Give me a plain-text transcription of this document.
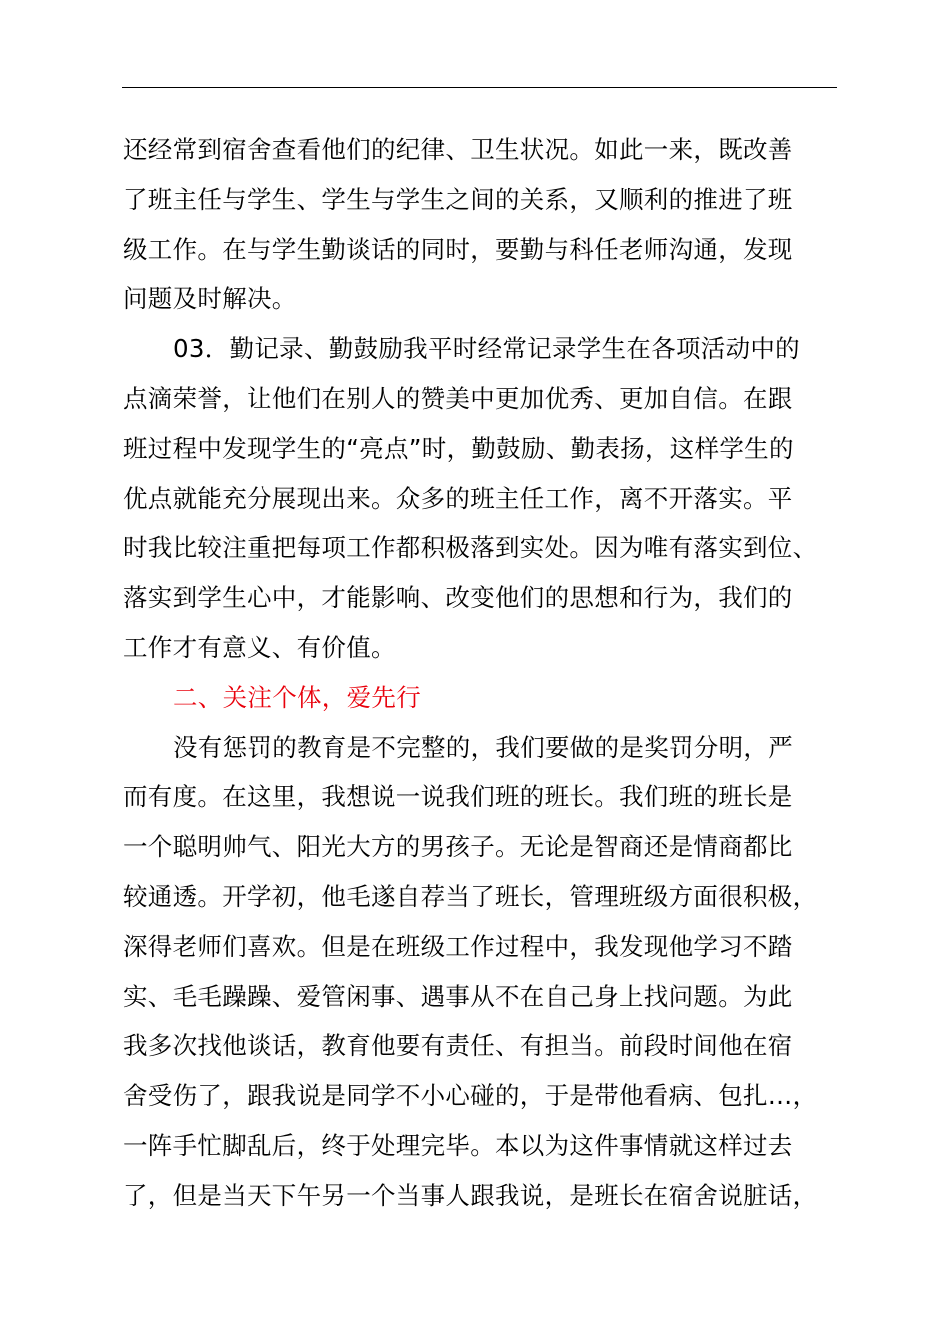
还经常到宿舍查看他们的纪律、卫生状况。如此一来，既改善
了班主任与学生、学生与学生之间的关系，又顺利的推进了班
级工作。在与学生勤谈话的同时，要勤与科任老师沟通，发现
问题及时解决。
03．勤记录、勤鼓励我平时经常记录学生在各项活动中的
点滴荣誉，让他们在别人的赞美中更加优秀、更加自信。在跟
班过程中发现学生的“亮点”时，勤鼓励、勤表扬，这样学生的
优点就能充分展现出来。众多的班主任工作，离不开落实。平
时我比较注重把每项工作都积极落到实处。因为唯有落实到位、
落实到学生心中，才能影响、改变他们的思想和行为，我们的
工作才有意义、有价值。
二、关注个体，爱先行
没有惩罚的教育是不完整的，我们要做的是奖罚分明，严
而有度。在这里，我想说一说我们班的班长。我们班的班长是
一个聪明帅气、阳光大方的男孩子。无论是智商还是情商都比
较通透。开学初，他毛遂自荐当了班长，管理班级方面很积极，
深得老师们喜欢。但是在班级工作过程中，我发现他学习不踏
实、毛毛躁躁、爱管闲事、遇事从不在自己身上找问题。为此
我多次找他谈话，教育他要有责任、有担当。前段时间他在宿
舍受伤了，跟我说是同学不小心碰的，于是带他看病、包扎…，
一阵手忙脚乱后，终于处理完毕。本以为这件事情就这样过去
了，但是当天下午另一个当事人跟我说，是班长在宿舍说脏话，
